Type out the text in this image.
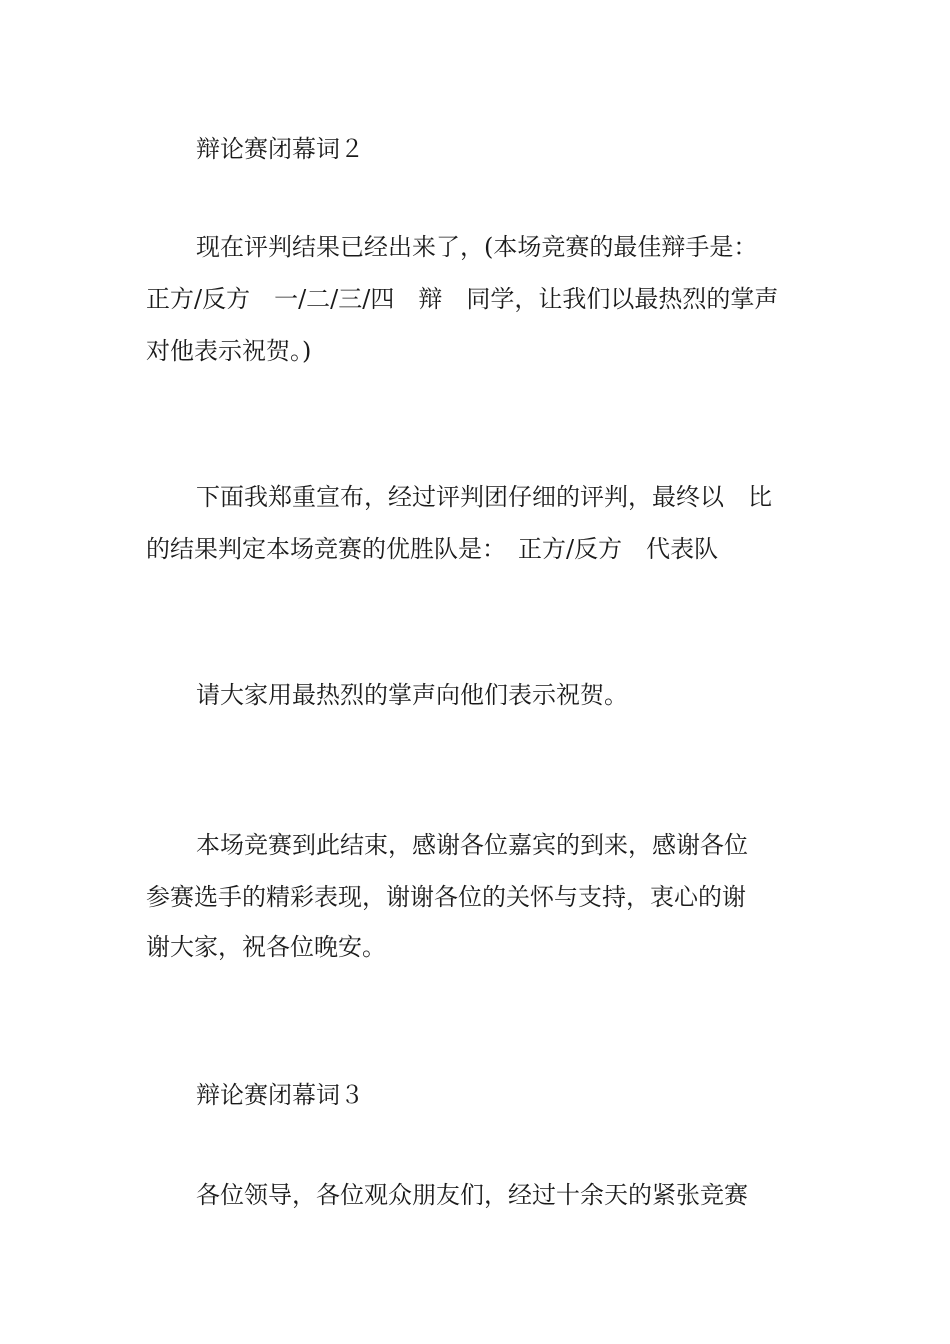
辩论赛闭幕词２
现在评判结果已经出来了，(本场竞赛的最佳辩手是：
正方/反方　一/二/三/四　辩　同学，让我们以最热烈的掌声
对他表示祝贺。)
下面我郑重宣布，经过评判团仔细的评判，最终以　比
的结果判定本场竞赛的优胜队是：　正方/反方　代表队
请大家用最热烈的掌声向他们表示祝贺。
本场竞赛到此结束，感谢各位嘉宾的到来，感谢各位
参赛选手的精彩表现，谢谢各位的关怀与支持，衷心的谢
谢大家，祝各位晚安。
辩论赛闭幕词３
各位领导，各位观众朋友们，经过十余天的紧张竞赛
